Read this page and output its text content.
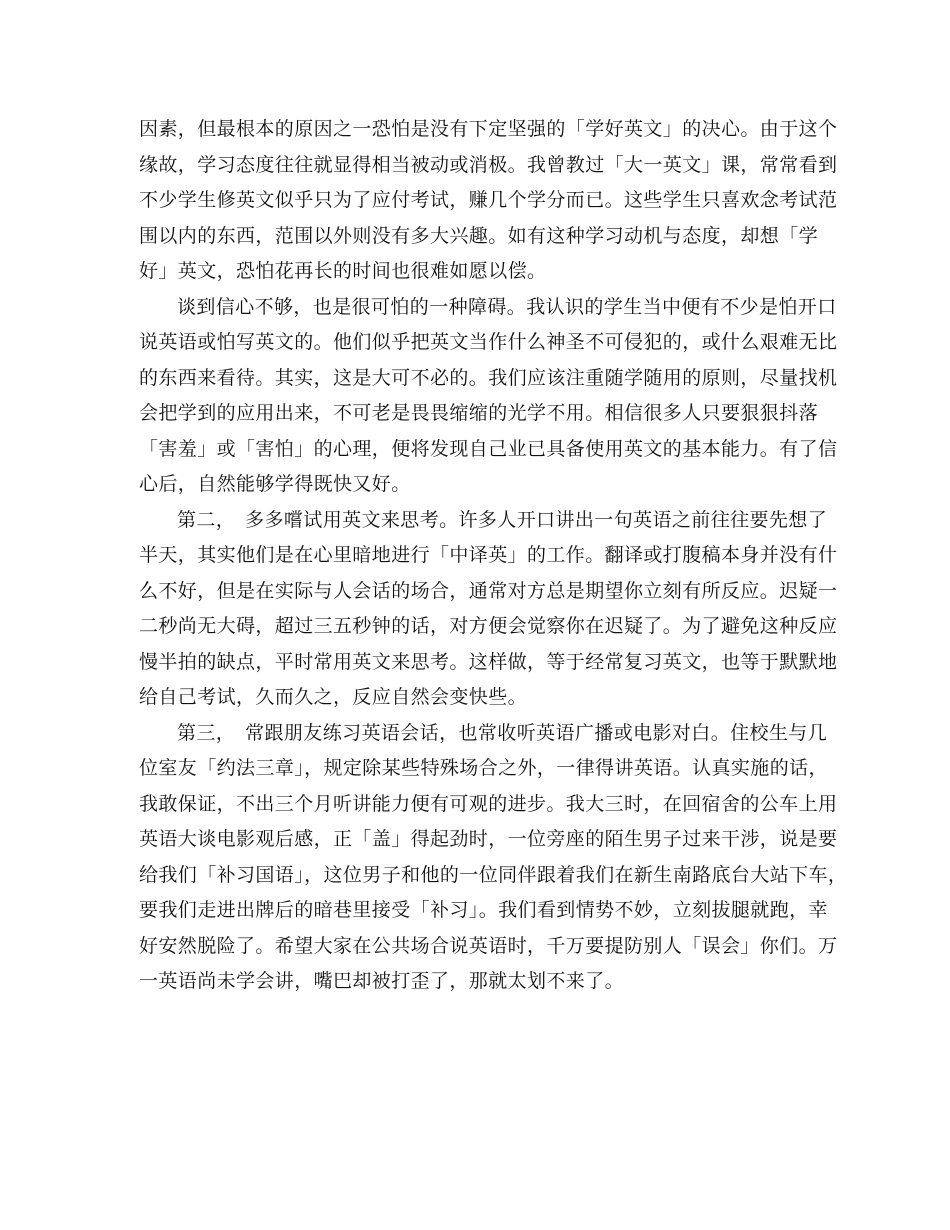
因素，但最根本的原因之一恐怕是没有下定坚强的「学好英文」的决心。由于这个
缘故，学习态度往往就显得相当被动或消极。我曾教过「大一英文」课，常常看到
不少学生修英文似乎只为了应付考试，赚几个学分而已。这些学生只喜欢念考试范
围以内的东西，范围以外则没有多大兴趣。如有这种学习动机与态度，却想「学
好」英文，恐怕花再长的时间也很难如愿以偿。
谈到信心不够，也是很可怕的一种障碍。我认识的学生当中便有不少是怕开口
说英语或怕写英文的。他们似乎把英文当作什么神圣不可侵犯的，或什么艰难无比
的东西来看待。其实，这是大可不必的。我们应该注重随学随用的原则，尽量找机
会把学到的应用出来，不可老是畏畏缩缩的光学不用。相信很多人只要狠狠抖落
「害羞」或「害怕」的心理，便将发现自己业已具备使用英文的基本能力。有了信
心后，自然能够学得既快又好。
第二，　多多嚐试用英文来思考。许多人开口讲出一句英语之前往往要先想了
半天，其实他们是在心里暗地进行「中译英」的工作。翻译或打腹稿本身并没有什
么不好，但是在实际与人会话的场合，通常对方总是期望你立刻有所反应。迟疑一
二秒尚无大碍，超过三五秒钟的话，对方便会觉察你在迟疑了。为了避免这种反应
慢半拍的缺点，平时常用英文来思考。这样做，等于经常复习英文，也等于默默地
给自己考试，久而久之，反应自然会变快些。
第三，　常跟朋友练习英语会话，也常收听英语广播或电影对白。住校生与几
位室友「约法三章」，规定除某些特殊场合之外，一律得讲英语。认真实施的话，
我敢保证，不出三个月听讲能力便有可观的进步。我大三时，在回宿舍的公车上用
英语大谈电影观后感，正「盖」得起劲时，一位旁座的陌生男子过来干涉，说是要
给我们「补习国语」，这位男子和他的一位同伴跟着我们在新生南路底台大站下车，
要我们走进出牌后的暗巷里接受「补习」。我们看到情势不妙，立刻拔腿就跑，幸
好安然脱险了。希望大家在公共场合说英语时，千万要提防别人「误会」你们。万
一英语尚未学会讲，嘴巴却被打歪了，那就太划不来了。
